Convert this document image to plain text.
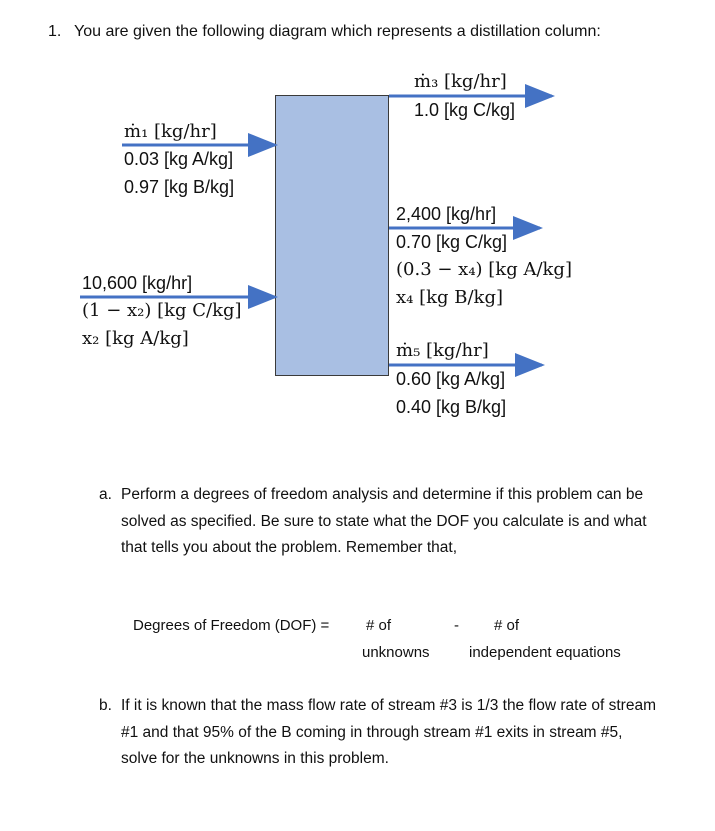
1. You are given the following diagram which represents a distillation column:
ṁ₁ [kg/hr]
0.03 [kg A/kg]
0.97 [kg B/kg]
10,600 [kg/hr]
(1 − x₂) [kg C/kg]
x₂ [kg A/kg]
ṁ₃ [kg/hr]
1.0 [kg C/kg]
2,400 [kg/hr]
0.70 [kg C/kg]
(0.3 − x₄) [kg A/kg]
x₄ [kg B/kg]
ṁ₅ [kg/hr]
0.60 [kg A/kg]
0.40 [kg B/kg]
a. Perform a degrees of freedom analysis and determine if this problem can be solved as specified. Be sure to state what the DOF you calculate is and what that tells you about the problem. Remember that,
Degrees of Freedom (DOF) = # of
unknowns
- # of
independent equations
b. If it is known that the mass flow rate of stream #3 is 1/3 the flow rate of stream #1 and that 95% of the B coming in through stream #1 exits in stream #5, solve for the unknowns in this problem.
